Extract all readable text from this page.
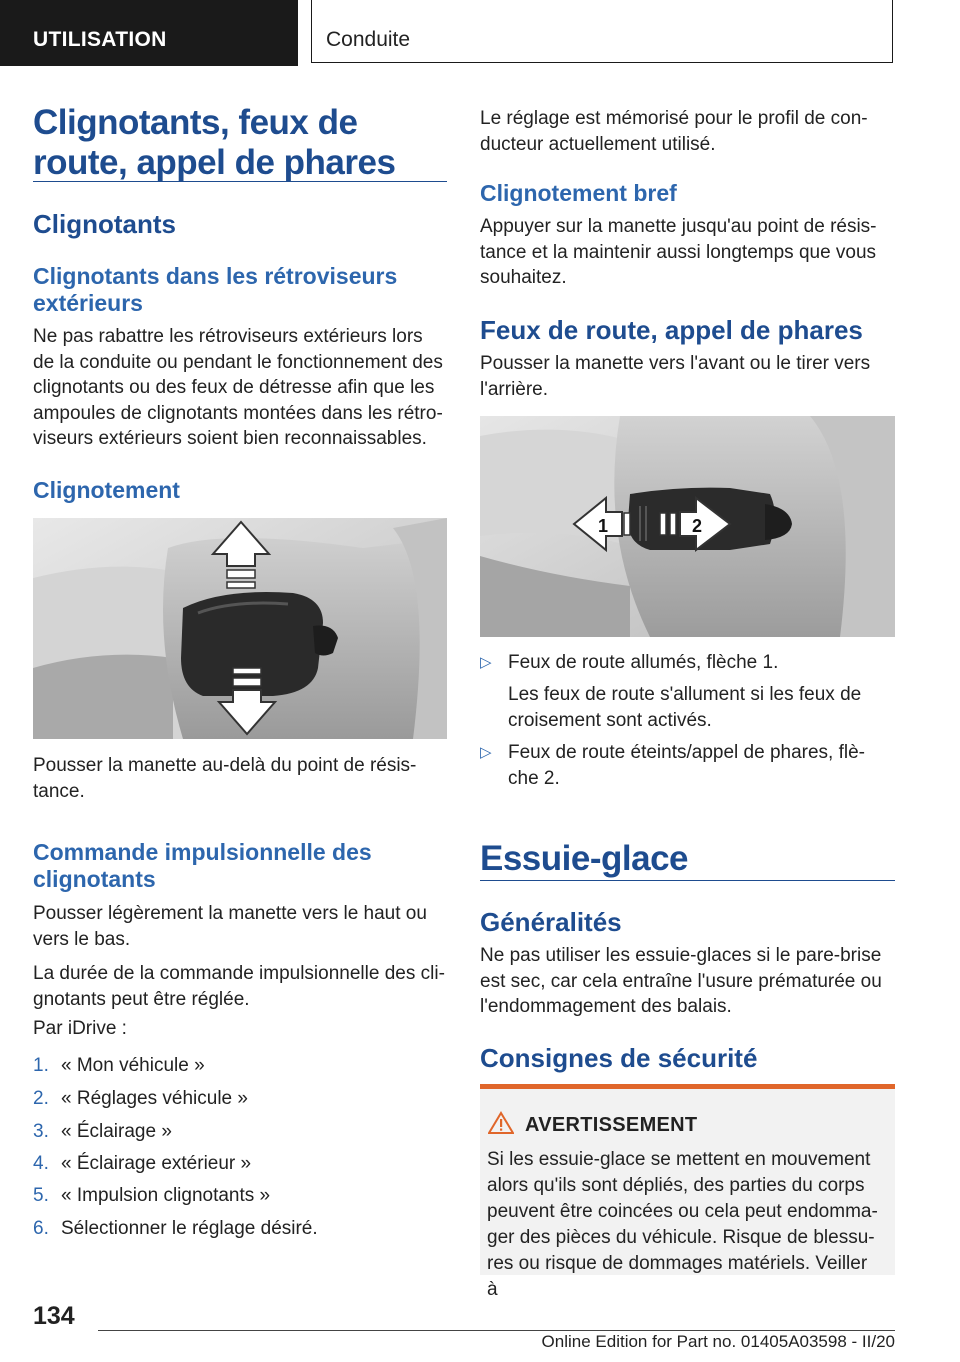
UTILISATION	Conduite
Clignotants, feux de route, appel de phares
Clignotants
Clignotants dans les rétroviseurs extérieurs
Ne pas rabattre les rétroviseurs extérieurs lors de la conduite ou pendant le fonctionnement des clignotants ou des feux de détresse afin que les ampoules de clignotants montées dans les rétro‐viseurs extérieurs soient bien reconnaissables.
Clignotement
Pousser la manette au-delà du point de résis‐tance.
Commande impulsionnelle des clignotants
Pousser légèrement la manette vers le haut ou vers le bas.
La durée de la commande impulsionnelle des cli‐gnotants peut être réglée.
Par iDrive :
1. « Mon véhicule »
2. « Réglages véhicule »
3. « Éclairage »
4. « Éclairage extérieur »
5. « Impulsion clignotants »
6. Sélectionner le réglage désiré.
Le réglage est mémorisé pour le profil de con‐ducteur actuellement utilisé.
Clignotement bref
Appuyer sur la manette jusqu'au point de résis‐tance et la maintenir aussi longtemps que vous souhaitez.
Feux de route, appel de phares
Pousser la manette vers l'avant ou le tirer vers l'arrière.
1	2
▷ Feux de route allumés, flèche 1.
Les feux de route s'allument si les feux de croisement sont activés.
▷ Feux de route éteints/appel de phares, flè‐che 2.
Essuie-glace
Généralités
Ne pas utiliser les essuie-glaces si le pare-brise est sec, car cela entraîne l'usure prématurée ou l'endommagement des balais.
Consignes de sécurité
AVERTISSEMENT
Si les essuie-glace se mettent en mouvement alors qu'ils sont dépliés, des parties du corps peuvent être coincées ou cela peut endomma‐ger des pièces du véhicule. Risque de blessu‐res ou risque de dommages matériels. Veiller à
134
Online Edition for Part no. 01405A03598 - II/20
